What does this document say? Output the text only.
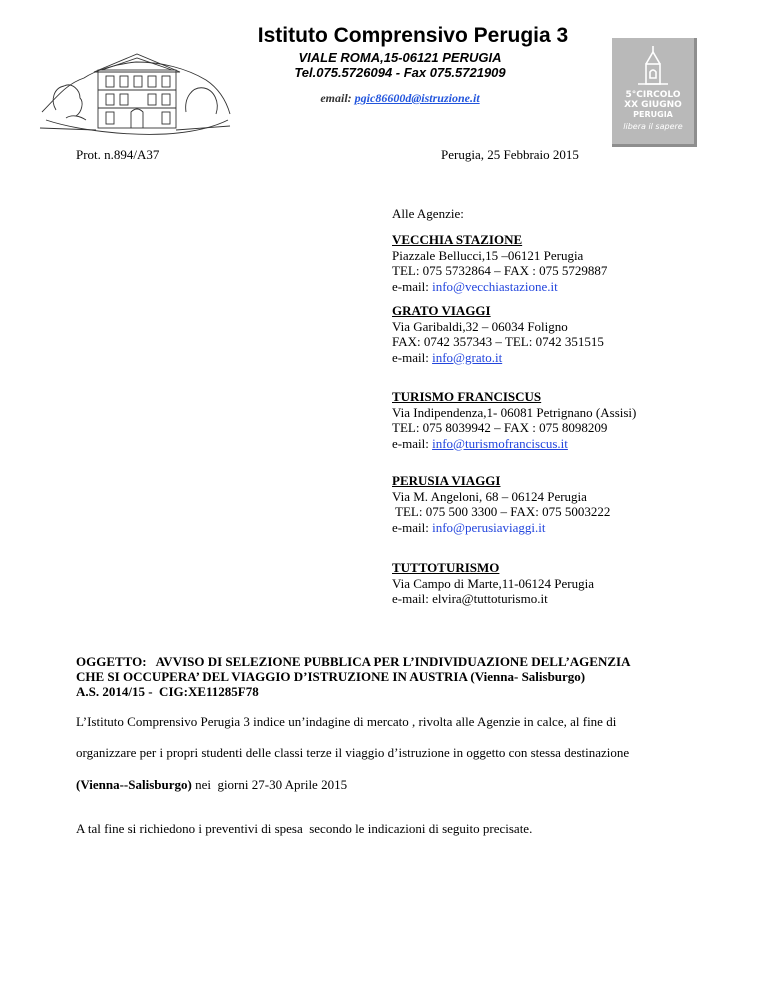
Istituto Comprensivo Perugia 3
VIALE ROMA,15-06121 PERUGIA
Tel.075.5726094 - Fax 075.5721909
email: pgic86600d@istruzione.it	5°CIRCOLO
XX GIUGNO
PERUGIA
libera il sapere
Prot. n.894/A37	Perugia, 25 Febbraio 2015
Alle Agenzie:
VECCHIA STAZIONE
Piazzale Bellucci,15 –06121 Perugia
TEL: 075 5732864 – FAX : 075 5729887
e-mail: info@vecchiastazione.it
GRATO VIAGGI
Via Garibaldi,32 – 06034 Foligno
FAX: 0742 357343 – TEL: 0742 351515
e-mail: info@grato.it
TURISMO FRANCISCUS
Via Indipendenza,1- 06081 Petrignano (Assisi)
TEL: 075 8039942 – FAX : 075 8098209
e-mail: info@turismofranciscus.it
PERUSIA VIAGGI
Via M. Angeloni, 68 – 06124 Perugia
TEL: 075 500 3300 – FAX: 075 5003222
e-mail: info@perusiaviaggi.it
TUTTOTURISMO
Via Campo di Marte,11-06124 Perugia
e-mail: elvira@tuttoturismo.it
OGGETTO:   AVVISO DI SELEZIONE PUBBLICA PER L’INDIVIDUAZIONE DELL’AGENZIA
CHE SI OCCUPERA’ DEL VIAGGIO D’ISTRUZIONE IN AUSTRIA (Vienna- Salisburgo)
A.S. 2014/15 -  CIG:XE11285F78
L’Istituto Comprensivo Perugia 3 indice un’indagine di mercato , rivolta alle Agenzie in calce, al fine di
organizzare per i propri studenti delle classi terze il viaggio d’istruzione in oggetto con stessa destinazione
(Vienna--Salisburgo) nei  giorni 27-30 Aprile 2015
A tal fine si richiedono i preventivi di spesa  secondo le indicazioni di seguito precisate.
